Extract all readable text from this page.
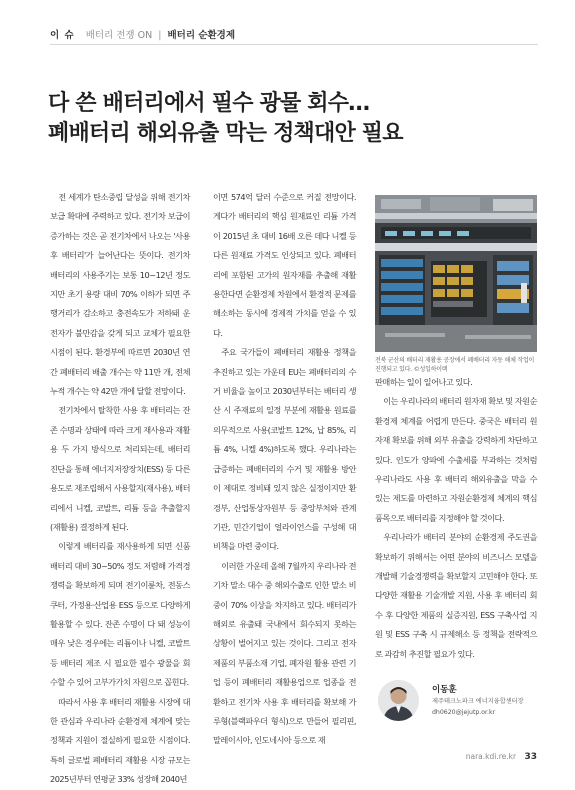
이 슈 배터리 전쟁 ON | 배터리 순환경제
다 쓴 배터리에서 필수 광물 회수…
폐배터리 해외유출 막는 정책대안 필요

전 세계가 탄소중립 달성을 위해 전기차 보급 확대에 주력하고 있다. 전기차 보급이 증가하는 것은 곧 전기차에서 나오는 '사용 후 배터리'가 늘어난다는 뜻이다. 전기차 배터리의 사용주기는 보통 10~12년 정도지만 초기 용량 대비 70% 이하가 되면 주행거리가 감소하고 충전속도가 저하돼 운전자가 불만감을 갖게 되고 교체가 필요한 시점이 된다. 환경부에 따르면 2030년 연간 폐배터리 배출 개수는 약 11만 개, 전체 누적 개수는 약 42만 개에 달할 전망이다.

전기차에서 탈착한 사용 후 배터리는 잔존 수명과 상태에 따라 크게 재사용과 재활용 두 가지 방식으로 처리되는데, 배터리 진단을 통해 에너지저장장치(ESS) 등 다른 용도로 재조립해서 사용할지(재사용), 배터리에서 니켈, 코발트, 리튬 등을 추출할지(재활용) 결정하게 된다.

이렇게 배터리를 재사용하게 되면 신품 배터리 대비 30~50% 정도 저렴해 가격경쟁력을 확보하게 되며 전기이륜차, 전동스쿠터, 가정용·산업용 ESS 등으로 다양하게 활용할 수 있다. 잔존 수명이 다 돼 성능이 매우 낮은 경우에는 리튬이나 니켈, 코발트 등 배터리 제조 시 필요한 필수 광물을 회수할 수 있어 고부가가치 자원으로 꼽힌다.

따라서 사용 후 배터리 재활용 시장에 대한 관심과 우리나라 순환경제 체계에 맞는 정책과 지원이 절실하게 필요한 시점이다. 특히 글로벌 폐배터리 재활용 시장 규모는 2025년부터 연평균 33% 성장해 2040년

이면 574억 달러 수준으로 커질 전망이다. 게다가 배터리의 핵심 원재료인 리튬 가격이 2015년 초 대비 16배 오른 데다 니켈 등 다른 원재료 가격도 인상되고 있다. 폐배터리에 포함된 고가의 원자재를 추출해 재활용한다면 순환경제 차원에서 환경적 문제를 해소하는 동시에 경제적 가치를 얻을 수 있다.

주요 국가들이 폐배터리 재활용 정책을 추진하고 있는 가운데 EU는 폐배터리의 수거 비율을 높이고 2030년부터는 배터리 생산 시 주재료의 일정 부분에 재활용 원료를 의무적으로 사용(코발트 12%, 납 85%, 리튬 4%, 니켈 4%)하도록 했다. 우리나라는 급증하는 폐배터리의 수거 및 재활용 방안이 제대로 정비돼 있지 않은 실정이지만 환경부, 산업통상자원부 등 중앙부처와 관계기관, 민간기업이 얼라이언스를 구성해 대비책을 마련 중이다.

이러한 가운데 올해 7월까지 우리나라 전기차 말소 대수 중 해외수출로 인한 말소 비중이 70% 이상을 차지하고 있다. 배터리가 해외로 유출돼 국내에서 회수되지 못하는 상황이 벌어지고 있는 것이다. 그리고 전자제품의 부품소재 기업, 폐자원 활용 관련 기업 등이 폐배터리 재활용업으로 업종을 전환하고 전기차 사용 후 배터리를 확보해 가루형(블랙파우더 형식)으로 만들어 필리핀, 말레이시아, 인도네시아 등으로 재

판매하는 일이 일어나고 있다.

이는 우리나라의 배터리 원자재 확보 및 자원순환경제 체계를 어렵게 만든다. 중국은 배터리 원자재 확보를 위해 외부 유출을 강력하게 차단하고 있다. 인도가 양파에 수출세를 부과하는 것처럼 우리나라도 사용 후 배터리 해외유출을 막을 수 있는 제도를 마련하고 자원순환경제 체계의 핵심품목으로 배터리를 지정해야 할 것이다.

우리나라가 배터리 분야의 순환경제 주도권을 확보하기 위해서는 어떤 분야의 비즈니스 모델을 개발해 기술경쟁력을 확보할지 고민해야 한다. 또 다양한 재활용 기술개발 지원, 사용 후 배터리 회수 후 다양한 제품의 실증지원, ESS 구축사업 지원 및 ESS 구축 시 규제해소 등 정책을 전략적으로 과감히 추진할 필요가 있다.

전북 군산의 배터리 재활용 공장에서 폐배터리 자동 해체 작업이 진행되고 있다. ©성일하이텍
이동훈
제주테크노파크 에너지융합센터장
dh0620@jejutp.or.kr
nara.kdi.re.kr 33
